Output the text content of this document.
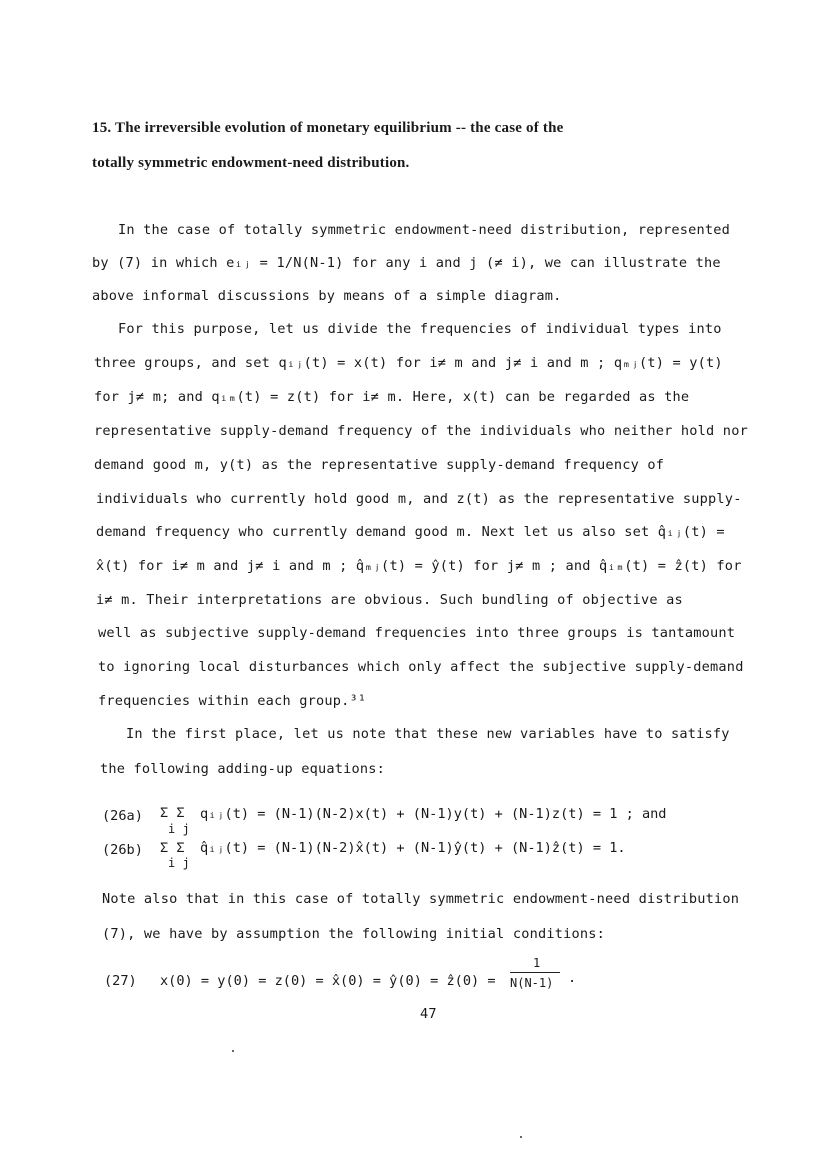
15. The irreversible evolution of monetary equilibrium -- the case of the
totally symmetric endowment-need distribution.
In the case of totally symmetric endowment-need distribution, represented
by (7) in which eᵢⱼ = 1/N(N-1) for any i and j (≠ i), we can illustrate the
above informal discussions by means of a simple diagram.
For this purpose, let us divide the frequencies of individual types into
three groups, and set qᵢⱼ(t) = x(t) for i≠ m and j≠ i and m ; qₘⱼ(t) = y(t)
for j≠ m; and qᵢₘ(t) = z(t) for i≠ m. Here, x(t) can be regarded as the
representative supply-demand frequency of the individuals who neither hold nor
demand good m, y(t) as the representative supply-demand frequency of
individuals who currently hold good m, and z(t) as the representative supply-
demand frequency who currently demand good m. Next let us also set q̂ᵢⱼ(t) =
x̂(t) for i≠ m and j≠ i and m ; q̂ₘⱼ(t) = ŷ(t) for j≠ m ; and q̂ᵢₘ(t) = ẑ(t) for
i≠ m. Their interpretations are obvious. Such bundling of objective as
well as subjective supply-demand frequencies into three groups is tantamount
to ignoring local disturbances which only affect the subjective supply-demand
frequencies within each group.³¹
In the first place, let us note that these new variables have to satisfy
the following adding-up equations:
(26a) Σ Σ
i j
qᵢⱼ(t) = (N-1)(N-2)x(t) + (N-1)y(t) + (N-1)z(t) = 1 ; and
(26b) Σ Σ
i j
q̂ᵢⱼ(t) = (N-1)(N-2)x̂(t) + (N-1)ŷ(t) + (N-1)ẑ(t) = 1.
Note also that in this case of totally symmetric endowment-need distribution
(7), we have by assumption the following initial conditions:
(27) x(0) = y(0) = z(0) = x̂(0) = ŷ(0) = ẑ(0) =
1
N(N-1) .
47
